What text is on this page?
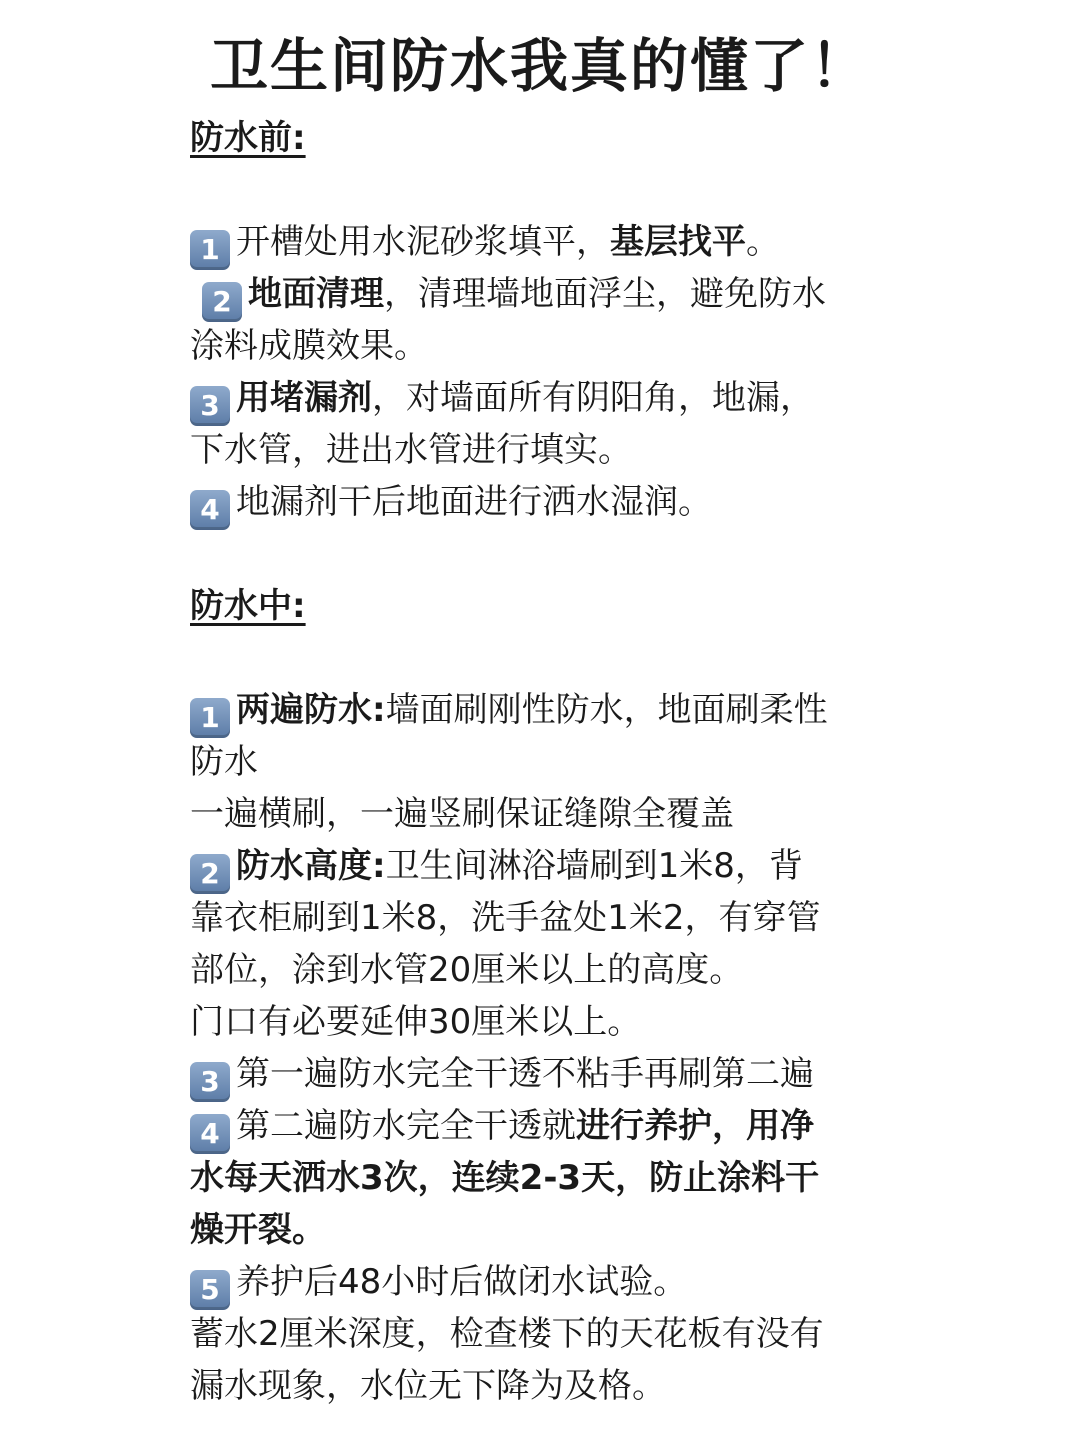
卫生间防水我真的懂了！
防水前:
1 开槽处用水泥砂浆填平，基层找平。
2 地面清理，清理墙地面浮尘，避免防水
涂料成膜效果。
3 用堵漏剂，对墙面所有阴阳角，地漏，
下水管，进出水管进行填实。
4 地漏剂干后地面进行洒水湿润。
防水中:
1 两遍防水:墙面刷刚性防水，地面刷柔性
防水
一遍横刷，一遍竖刷保证缝隙全覆盖
2 防水高度:卫生间淋浴墙刷到1米8，背
靠衣柜刷到1米8，洗手盆处1米2，有穿管
部位，涂到水管20厘米以上的高度。
门口有必要延伸30厘米以上。
3 第一遍防水完全干透不粘手再刷第二遍
4 第二遍防水完全干透就进行养护，用净
水每天洒水3次，连续2-3天，防止涂料干
燥开裂。
5 养护后48小时后做闭水试验。
蓄水2厘米深度，检查楼下的天花板有没有
漏水现象，水位无下降为及格。
